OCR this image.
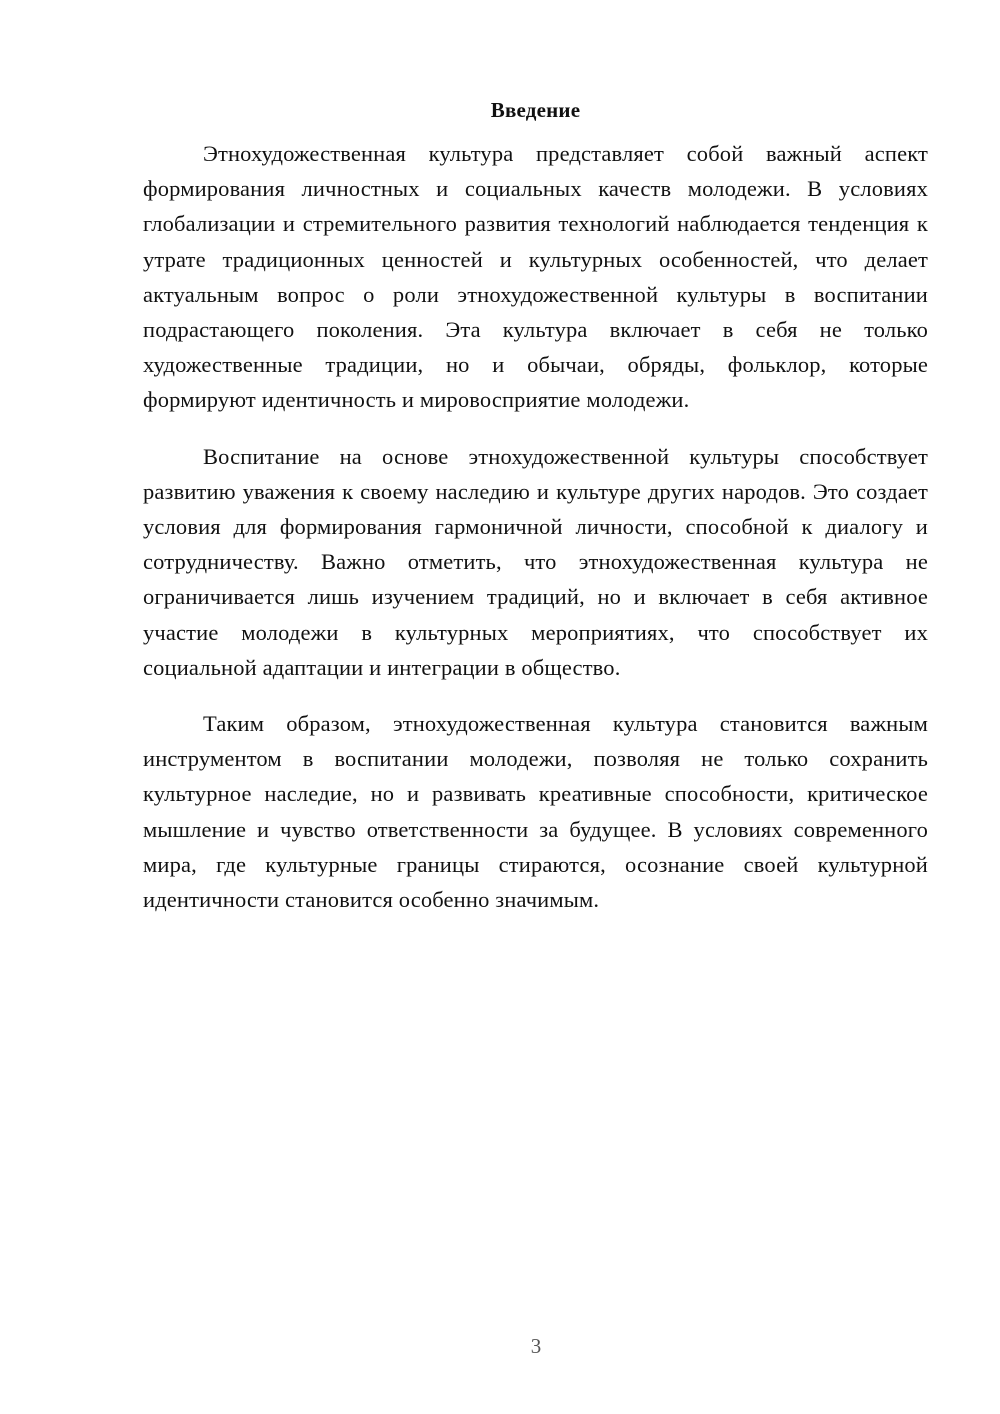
Введение

Этнохудожественная культура представляет собой важный аспект формирования личностных и социальных качеств молодежи. В условиях глобализации и стремительного развития технологий наблюдается тенденция к утрате традиционных ценностей и культурных особенностей, что делает актуальным вопрос о роли этнохудожественной культуры в воспитании подрастающего поколения. Эта культура включает в себя не только художественные традиции, но и обычаи, обряды, фольклор, которые формируют идентичность и мировосприятие молодежи.

Воспитание на основе этнохудожественной культуры способствует развитию уважения к своему наследию и культуре других народов. Это создает условия для формирования гармоничной личности, способной к диалогу и сотрудничеству. Важно отметить, что этнохудожественная культура не ограничивается лишь изучением традиций, но и включает в себя активное участие молодежи в культурных мероприятиях, что способствует их социальной адаптации и интеграции в общество.

Таким образом, этнохудожественная культура становится важным инструментом в воспитании молодежи, позволяя не только сохранить культурное наследие, но и развивать креативные способности, критическое мышление и чувство ответственности за будущее. В условиях современного мира, где культурные границы стираются, осознание своей культурной идентичности становится особенно значимым.

3
